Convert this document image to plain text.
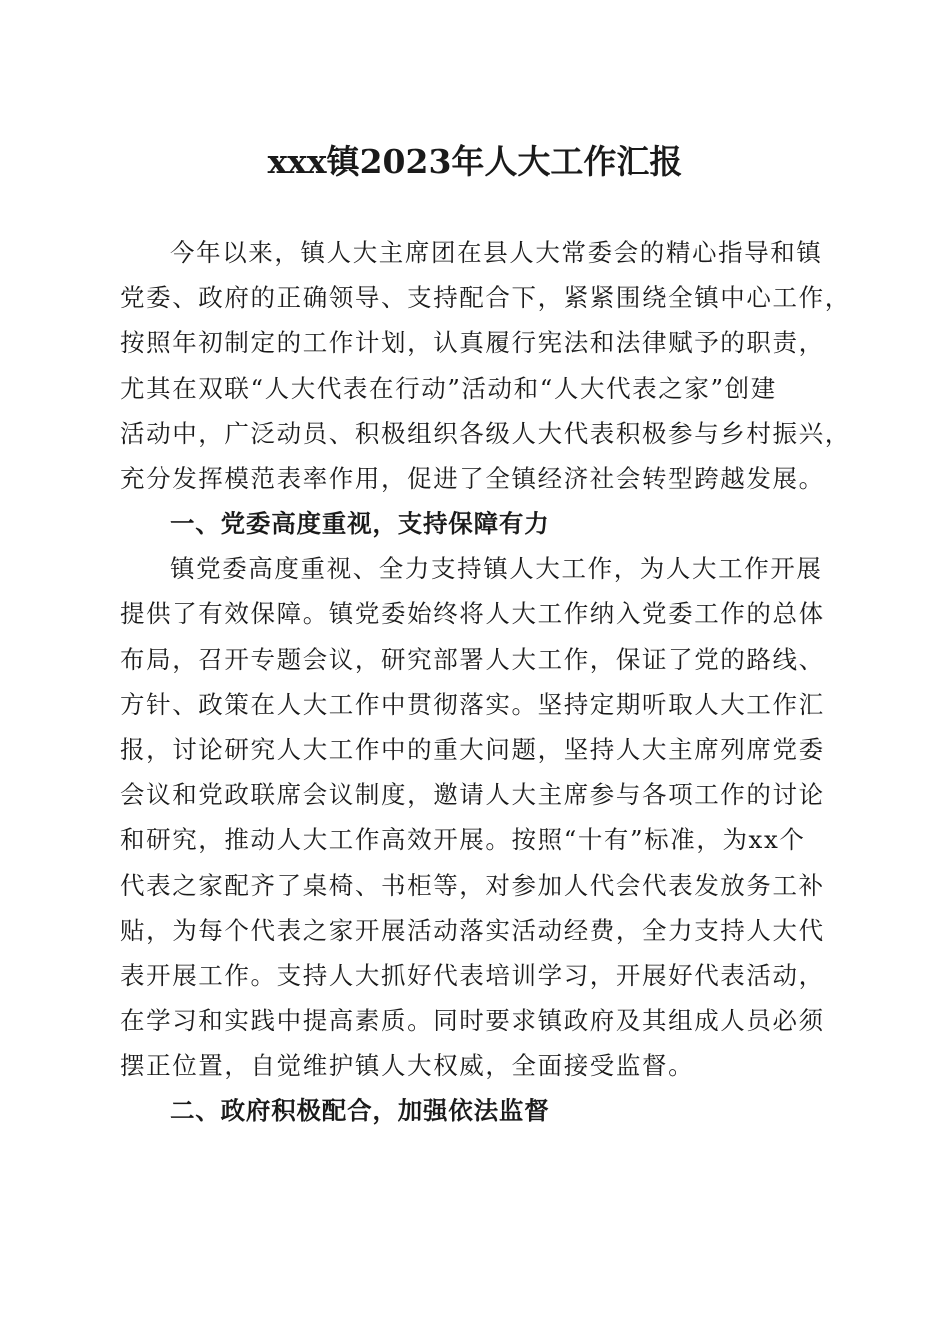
xxx镇2023年人大工作汇报
今年以来，镇人大主席团在县人大常委会的精心指导和镇
党委、政府的正确领导、支持配合下，紧紧围绕全镇中心工作，
按照年初制定的工作计划，认真履行宪法和法律赋予的职责，
尤其在双联“人大代表在行动”活动和“人大代表之家”创建
活动中，广泛动员、积极组织各级人大代表积极参与乡村振兴，
充分发挥模范表率作用，促进了全镇经济社会转型跨越发展。
一、党委高度重视，支持保障有力
镇党委高度重视、全力支持镇人大工作，为人大工作开展
提供了有效保障。镇党委始终将人大工作纳入党委工作的总体
布局，召开专题会议，研究部署人大工作，保证了党的路线、
方针、政策在人大工作中贯彻落实。坚持定期听取人大工作汇
报，讨论研究人大工作中的重大问题，坚持人大主席列席党委
会议和党政联席会议制度，邀请人大主席参与各项工作的讨论
和研究，推动人大工作高效开展。按照“十有”标准，为xx个
代表之家配齐了桌椅、书柜等，对参加人代会代表发放务工补
贴，为每个代表之家开展活动落实活动经费，全力支持人大代
表开展工作。支持人大抓好代表培训学习，开展好代表活动，
在学习和实践中提高素质。同时要求镇政府及其组成人员必须
摆正位置，自觉维护镇人大权威，全面接受监督。
二、政府积极配合，加强依法监督
